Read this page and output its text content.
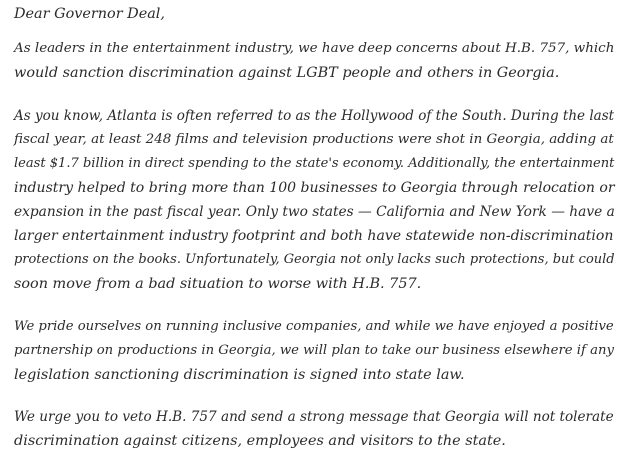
Dear Governor Deal,
As leaders in the entertainment industry, we have deep concerns about H.B. 757, which
would sanction discrimination against LGBT people and others in Georgia.
As you know, Atlanta is often referred to as the Hollywood of the South. During the last
fiscal year, at least 248 films and television productions were shot in Georgia, adding at
least $1.7 billion in direct spending to the state's economy. Additionally, the entertainment
industry helped to bring more than 100 businesses to Georgia through relocation or
expansion in the past fiscal year. Only two states — California and New York — have a
larger entertainment industry footprint and both have statewide non-discrimination
protections on the books. Unfortunately, Georgia not only lacks such protections, but could
soon move from a bad situation to worse with H.B. 757.
We pride ourselves on running inclusive companies, and while we have enjoyed a positive
partnership on productions in Georgia, we will plan to take our business elsewhere if any
legislation sanctioning discrimination is signed into state law.
We urge you to veto H.B. 757 and send a strong message that Georgia will not tolerate
discrimination against citizens, employees and visitors to the state.
